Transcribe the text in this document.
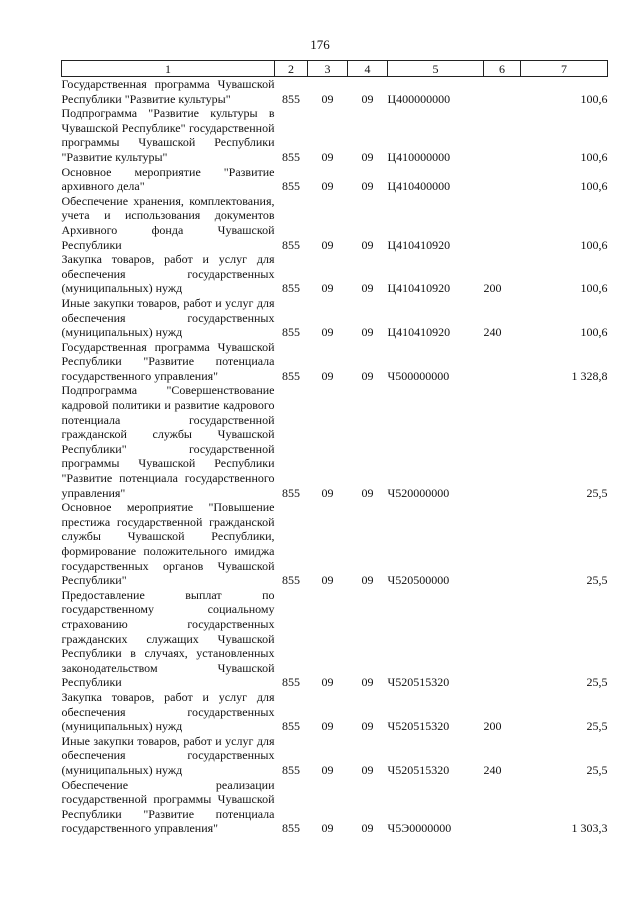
176
1	2	3	4	5	6	7
Государственная программа Чувашской Республики "Развитие культуры"	855	09	09	Ц400000000		100,6
Подпрограмма "Развитие культуры в Чувашской Республике" государственной программы Чувашской Республики "Развитие культуры"	855	09	09	Ц410000000		100,6
Основное мероприятие "Развитие архивного дела"	855	09	09	Ц410400000		100,6
Обеспечение хранения, комплектования, учета и использования документов Архивного фонда Чувашской Республики	855	09	09	Ц410410920		100,6
Закупка товаров, работ и услуг для обеспечения государственных (муниципальных) нужд	855	09	09	Ц410410920	200	100,6
Иные закупки товаров, работ и услуг для обеспечения государственных (муниципальных) нужд	855	09	09	Ц410410920	240	100,6
Государственная программа Чувашской Республики "Развитие потенциала государственного управления"	855	09	09	Ч500000000		1 328,8
Подпрограмма "Совершенствование кадровой политики и развитие кадрового потенциала государственной гражданской службы Чувашской Республики" государственной программы Чувашской Республики "Развитие потенциала государственного управления"	855	09	09	Ч520000000		25,5
Основное мероприятие "Повышение престижа государственной гражданской службы Чувашской Республики, формирование положительного имиджа государственных органов Чувашской Республики"	855	09	09	Ч520500000		25,5
Предоставление выплат по государственному социальному страхованию государственных гражданских служащих Чувашской Республики в случаях, установленных законодательством Чувашской Республики	855	09	09	Ч520515320		25,5
Закупка товаров, работ и услуг для обеспечения государственных (муниципальных) нужд	855	09	09	Ч520515320	200	25,5
Иные закупки товаров, работ и услуг для обеспечения государственных (муниципальных) нужд	855	09	09	Ч520515320	240	25,5
Обеспечение реализации государственной программы Чувашской Республики "Развитие потенциала государственного управления"	855	09	09	Ч5Э0000000		1 303,3
